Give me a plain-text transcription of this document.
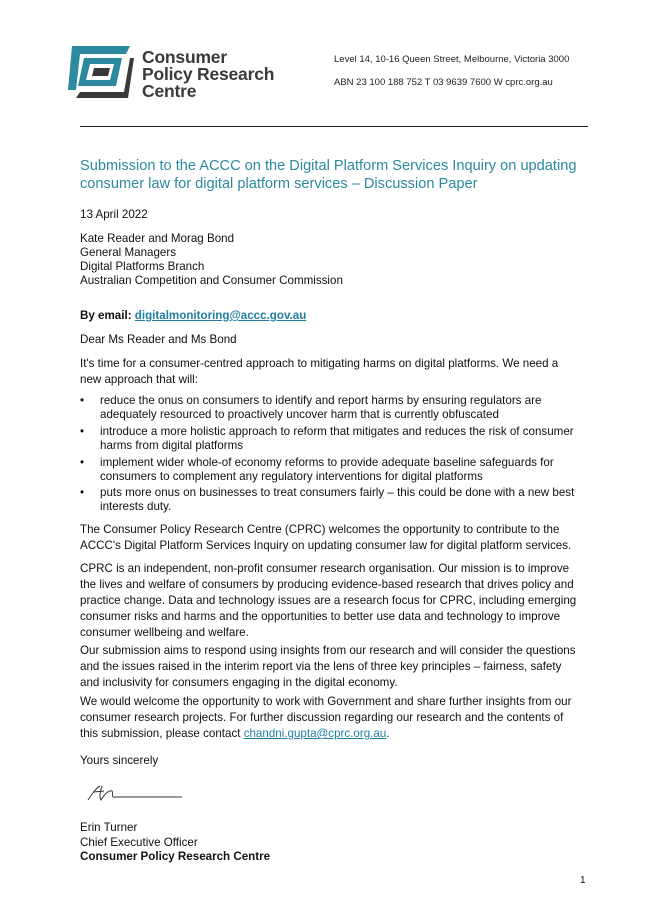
Consumer
Policy Research
Centre
Level 14, 10-16 Queen Street, Melbourne, Victoria 3000
ABN 23 100 188 752 T 03 9639 7600 W cprc.org.au
Submission to the ACCC on the Digital Platform Services Inquiry on updating
consumer law for digital platform services – Discussion Paper
13 April 2022
Kate Reader and Morag Bond
General Managers
Digital Platforms Branch
Australian Competition and Consumer Commission
By email: digitalmonitoring@accc.gov.au
Dear Ms Reader and Ms Bond
It's time for a consumer-centred approach to mitigating harms on digital platforms. We need a
new approach that will:
•	reduce the onus on consumers to identify and report harms by ensuring regulators are
adequately resourced to proactively uncover harm that is currently obfuscated
•	introduce a more holistic approach to reform that mitigates and reduces the risk of consumer
harms from digital platforms
•	implement wider whole-of economy reforms to provide adequate baseline safeguards for
consumers to complement any regulatory interventions for digital platforms
•	puts more onus on businesses to treat consumers fairly – this could be done with a new best
interests duty.
The Consumer Policy Research Centre (CPRC) welcomes the opportunity to contribute to the
ACCC's Digital Platform Services Inquiry on updating consumer law for digital platform services.
CPRC is an independent, non-profit consumer research organisation. Our mission is to improve
the lives and welfare of consumers by producing evidence-based research that drives policy and
practice change. Data and technology issues are a research focus for CPRC, including emerging
consumer risks and harms and the opportunities to better use data and technology to improve
consumer wellbeing and welfare.
Our submission aims to respond using insights from our research and will consider the questions
and the issues raised in the interim report via the lens of three key principles – fairness, safety
and inclusivity for consumers engaging in the digital economy.
We would welcome the opportunity to work with Government and share further insights from our
consumer research projects. For further discussion regarding our research and the contents of
this submission, please contact chandni.gupta@cprc.org.au.
Yours sincerely
Erin Turner
Chief Executive Officer
Consumer Policy Research Centre
1
